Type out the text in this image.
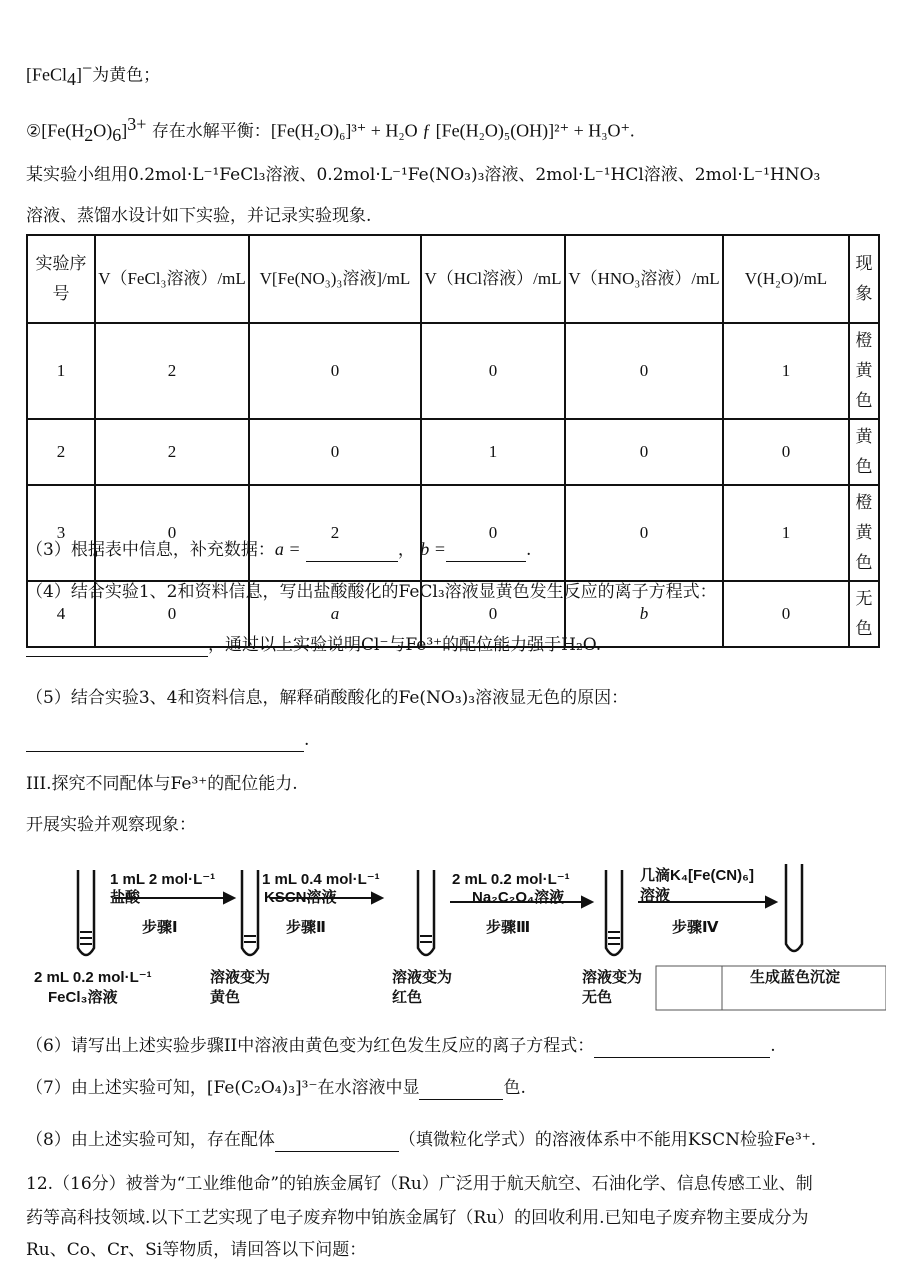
[FeCl$_4$]−为黄色；
$②[Fe(H_2O)_6]^{3+}$ 存在水解平衡：[Fe(H₂O)₆]³⁺ + H₂O ƒ [Fe(H₂O)₅(OH)]²⁺ + H₃O⁺.
某实验小组用0.2mol·L⁻¹FeCl₃溶液、0.2mol·L⁻¹Fe(NO₃)₃溶液、2mol·L⁻¹HCl溶液、2mol·L⁻¹HNO₃
溶液、蒸馏水设计如下实验，并记录实验现象.
实验序号	V（FeCl₃溶液）/mL	V[Fe(NO₃)₃溶液]/mL	V（HCl溶液）/mL	V（HNO₃溶液）/mL	V(H₂O)/mL	现象
1	2	0	0	0	1	橙黄色
2	2	0	1	0	0	黄色
3	0	2	0	0	1	橙黄色
4	0	a	0	b	0	无色
（3）根据表中信息，补充数据：a =	， b =	.
（4）结合实验1、2和资料信息，写出盐酸酸化的FeCl₃溶液显黄色发生反应的离子方程式：
，通过以上实验说明Cl⁻与Fe³⁺的配位能力强于H₂O.
（5）结合实验3、4和资料信息，解释硝酸酸化的Fe(NO₃)₃溶液显无色的原因：
.
III.探究不同配体与Fe³⁺的配位能力.
开展实验并观察现象：
1 mL 2 mol·L⁻¹
盐酸
步骤Ⅰ
1 mL 0.4 mol·L⁻¹
KSCN溶液
步骤Ⅱ
2 mL 0.2 mol·L⁻¹
Na₂C₂O₄溶液
步骤Ⅲ
几滴K₄[Fe(CN)₆]
溶液
步骤Ⅳ
2 mL 0.2 mol·L⁻¹
FeCl₃溶液
溶液变为
黄色
溶液变为
红色
溶液变为
无色
生成蓝色沉淀
（6）请写出上述实验步骤II中溶液由黄色变为红色发生反应的离子方程式：	.
（7）由上述实验可知，[Fe(C₂O₄)₃]³⁻在水溶液中显	色.
（8）由上述实验可知，存在配体	（填微粒化学式）的溶液体系中不能用KSCN检验Fe³⁺.
12.（16分）被誉为“工业维他命”的铂族金属钌（Ru）广泛用于航天航空、石油化学、信息传感工业、制
药等高科技领域.以下工艺实现了电子废弃物中铂族金属钌（Ru）的回收利用.已知电子废弃物主要成分为
Ru、Co、Cr、Si等物质，请回答以下问题：
